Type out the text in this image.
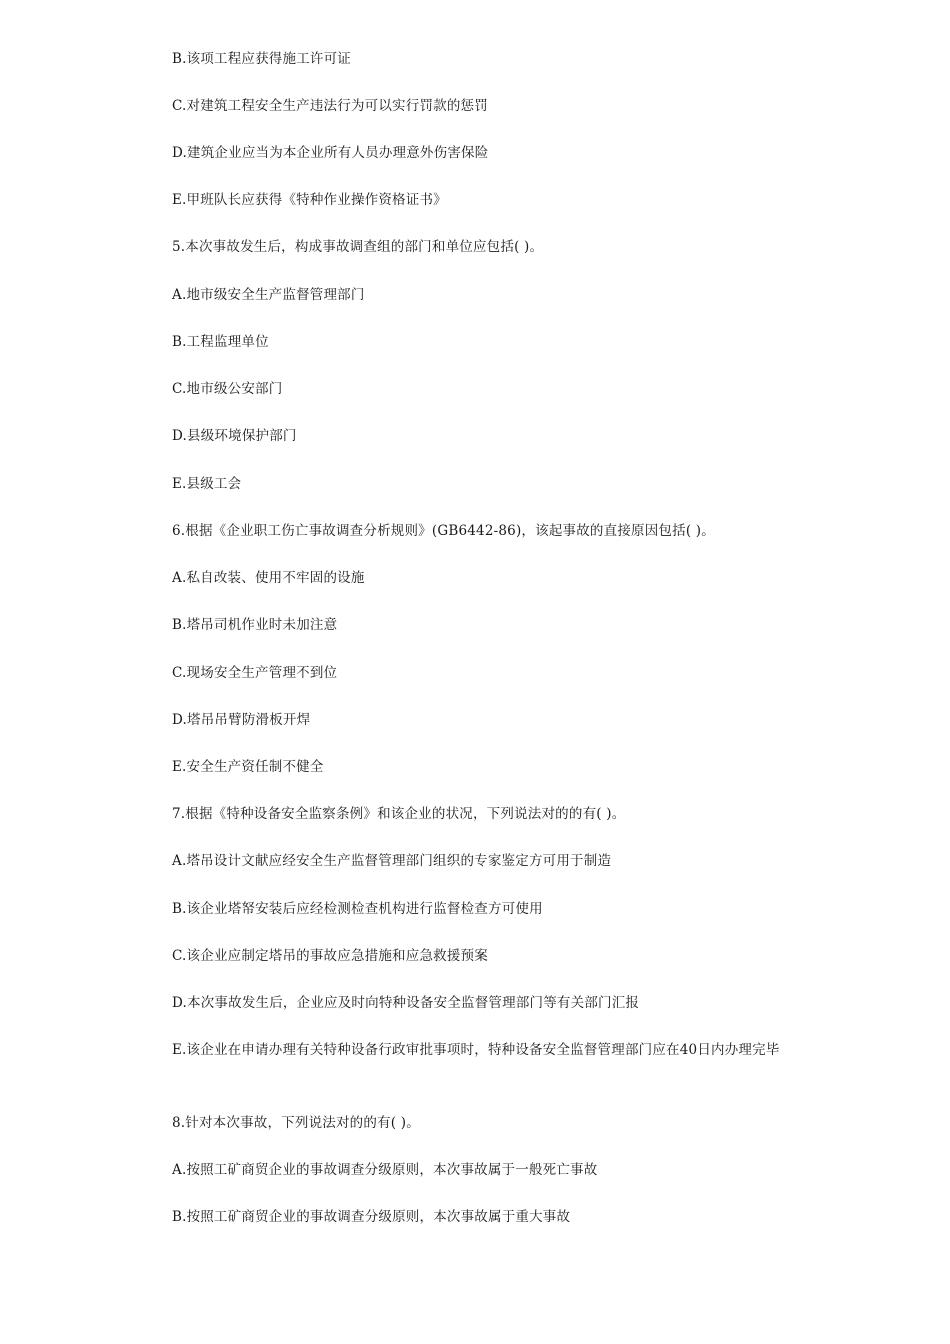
B.该项工程应获得施工许可证
C.对建筑工程安全生产违法行为可以实行罚款的惩罚
D.建筑企业应当为本企业所有人员办理意外伤害保险
E.甲班队长应获得《特种作业操作资格证书》
5.本次事故发生后，构成事故调查组的部门和单位应包括( )。
A.地市级安全生产监督管理部门
B.工程监理单位
C.地市级公安部门
D.县级环境保护部门
E.县级工会
6.根据《企业职工伤亡事故调查分析规则》(GB6442-86)，该起事故的直接原因包括( )。
A.私自改装、使用不牢固的设施
B.塔吊司机作业时未加注意
C.现场安全生产管理不到位
D.塔吊吊臂防滑板开焊
E.安全生产资任制不健全
7.根据《特种设备安全监察条例》和该企业的状况，下列说法对的的有( )。
A.塔吊设计文献应经安全生产监督管理部门组织的专家鉴定方可用于制造
B.该企业塔帑安装后应经检测检查机构进行监督检查方可使用
C.该企业应制定塔吊的事故应急措施和应急救援预案
D.本次事故发生后，企业应及时向特种设备安全监督管理部门等有关部门汇报
E.该企业在申请办理有关特种设备行政审批事项时，特种设备安全监督管理部门应在40日内办理完毕
8.针对本次事故，下列说法对的的有( )。
A.按照工矿商贸企业的事故调查分级原则，本次事故属于一般死亡事故
B.按照工矿商贸企业的事故调查分级原则，本次事故属于重大事故
